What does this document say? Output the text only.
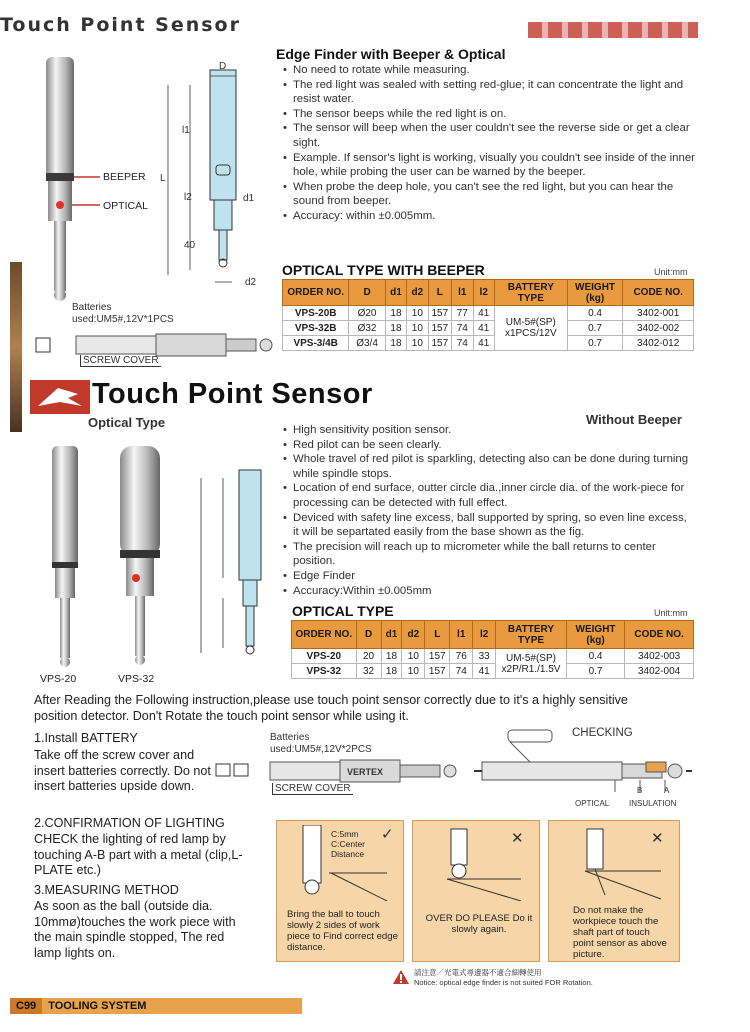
Touch Point Sensor
Edge Finder with Beeper & Optical
• No need to rotate while measuring.
• The red light was sealed with setting red-glue; it can concentrate the light and resist water.
• The sensor beeps while the red light is on.
• The sensor will beep when the user couldn't see the reverse side or get a clear sight.
• Example. If sensor's light is working, visually you couldn't see inside of the inner hole, while probing the user can be warned by the beeper.
• When probe the deep hole, you can't see the red light, but you can hear the sound from beeper.
• Accuracy: within ±0.005mm.
BEEPER
OPTICAL
D
l1
L
l2	d1
40
d2
Batteries
used:UM5#,12V*1PCS
SCREW COVER
OPTICAL TYPE WITH BEEPER	Unit:mm
ORDER NO.	D	d1	d2	L	l1	l2	BATTERY TYPE	WEIGHT (kg)	CODE NO.
VPS-20B	Ø20	18	10	157	77	41	UM-5#(SP)
x1PCS/12V	0.4	3402-001
VPS-32B	Ø32	18	10	157	74	41		0.7	3402-002
VPS-3/4B	Ø3/4	18	10	157	74	41		0.7	3402-012
Touch Point Sensor
Optical Type	Without Beeper
• High sensitivity position sensor.
• Red pilot can be seen clearly.
• Whole travel of red pilot is sparkling, detecting also can be done during turning while spindle stops.
• Location of end surface, outter circle dia.,inner circle dia. of the work-piece for processing can be detected with full effect.
• Deviced with safety line excess, ball supported by spring, so even line excess, it will be separtated easily from the base shown as the fig.
• The precision will reach up to micrometer while the ball returns to center position.
• Edge Finder
• Accuracy:Within ±0.005mm
VPS-20	VPS-32
OPTICAL TYPE	Unit:mm
ORDER NO.	D	d1	d2	L	l1	l2	BATTERY TYPE	WEIGHT (kg)	CODE NO.
VPS-20	20	18	10	157	76	33	UM-5#(SP)
x2P/R1./1.5V	0.4	3402-003
VPS-32	32	18	10	157	74	41		0.7	3402-004
After Reading the Following instruction,please use touch point sensor correctly due to it's a highly sensitive position detector. Don't Rotate the touch point sensor while using it.
1.Install BATTERY
Take off the screw cover and insert batteries correctly. Do not insert batteries upside down.
2.CONFIRMATION OF LIGHTING
CHECK the lighting of red lamp by touching A-B part with a metal (clip,L-PLATE etc.)
3.MEASURING METHOD
As soon as the ball (outside dia. 10mmø)touches the work piece with the main spindle stopped, The red lamp lights on.
Batteries
used:UM5#,12V*2PCS
VERTEX
SCREW COVER
CHECKING
OPTICAL
B	A
INSULATION
✓
C:5mm
C:Center
Distance
Bring the ball to touch slowly 2 sides of work piece to Find correct edge distance.
✕
OVER DO PLEASE Do it slowly again.
✕
Do not make the workpiece touch the shaft part of touch point sensor as above picture.
請注意／光電式尋邊器不適合細轉使用
Notice: optical edge finder is not suited FOR Rotation.
C99 TOOLING SYSTEM
